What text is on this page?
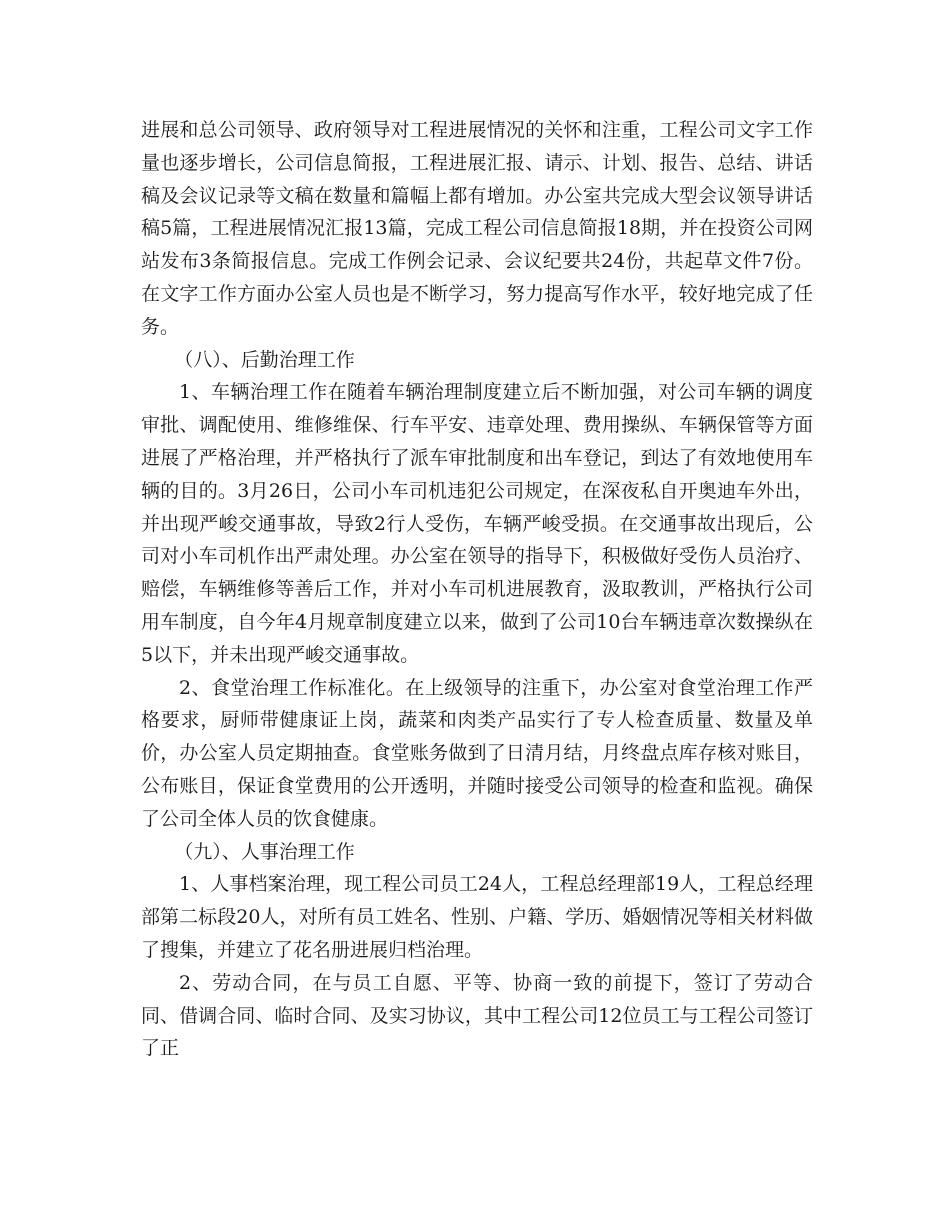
进展和总公司领导、政府领导对工程进展情况的关怀和注重，工程公司文字工作量也逐步增长，公司信息简报，工程进展汇报、请示、计划、报告、总结、讲话稿及会议记录等文稿在数量和篇幅上都有增加。办公室共完成大型会议领导讲话稿5篇，工程进展情况汇报13篇，完成工程公司信息简报18期，并在投资公司网站发布3条简报信息。完成工作例会记录、会议纪要共24份，共起草文件7份。在文字工作方面办公室人员也是不断学习，努力提高写作水平，较好地完成了任务。

（八）、后勤治理工作

1、车辆治理工作在随着车辆治理制度建立后不断加强，对公司车辆的调度审批、调配使用、维修维保、行车平安、违章处理、费用操纵、车辆保管等方面进展了严格治理，并严格执行了派车审批制度和出车登记，到达了有效地使用车辆的目的。3月26日，公司小车司机违犯公司规定，在深夜私自开奥迪车外出，并出现严峻交通事故，导致2行人受伤，车辆严峻受损。在交通事故出现后，公司对小车司机作出严肃处理。办公室在领导的指导下，积极做好受伤人员治疗、赔偿，车辆维修等善后工作，并对小车司机进展教育，汲取教训，严格执行公司用车制度，自今年4月规章制度建立以来，做到了公司10台车辆违章次数操纵在5以下，并未出现严峻交通事故。

2、食堂治理工作标准化。在上级领导的注重下，办公室对食堂治理工作严格要求，厨师带健康证上岗，蔬菜和肉类产品实行了专人检查质量、数量及单价，办公室人员定期抽查。食堂账务做到了日清月结，月终盘点库存核对账目，公布账目，保证食堂费用的公开透明，并随时接受公司领导的检查和监视。确保了公司全体人员的饮食健康。

（九）、人事治理工作

1、人事档案治理，现工程公司员工24人，工程总经理部19人，工程总经理部第二标段20人，对所有员工姓名、性别、户籍、学历、婚姻情况等相关材料做了搜集，并建立了花名册进展归档治理。

2、劳动合同，在与员工自愿、平等、协商一致的前提下，签订了劳动合同、借调合同、临时合同、及实习协议，其中工程公司12位员工与工程公司签订了正
